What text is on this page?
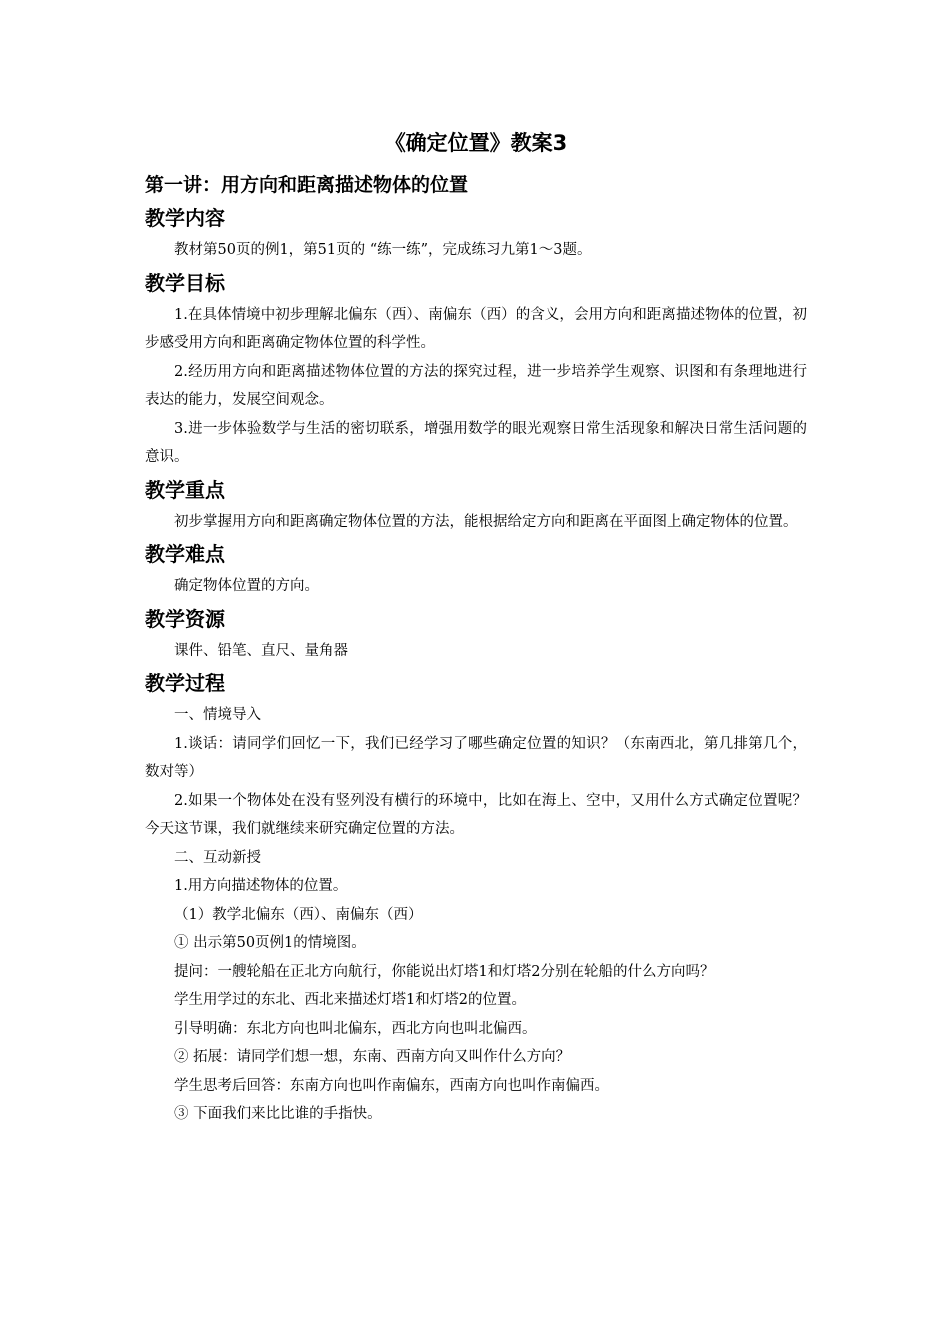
《确定位置》教案3
第一讲：用方向和距离描述物体的位置
教学内容

教材第50页的例1，第51页的 “练一练”，完成练习九第1～3题。

教学目标

1.在具体情境中初步理解北偏东（西）、南偏东（西）的含义，会用方向和距离描述物体的位置，初步感受用方向和距离确定物体位置的科学性。

2.经历用方向和距离描述物体位置的方法的探究过程，进一步培养学生观察、识图和有条理地进行表达的能力，发展空间观念。

3.进一步体验数学与生活的密切联系，增强用数学的眼光观察日常生活现象和解决日常生活问题的意识。

教学重点

初步掌握用方向和距离确定物体位置的方法，能根据给定方向和距离在平面图上确定物体的位置。

教学难点

确定物体位置的方向。

教学资源

课件、铅笔、直尺、量角器

教学过程

一、情境导入

1.谈话：请同学们回忆一下，我们已经学习了哪些确定位置的知识？（东南西北，第几排第几个，数对等）

2.如果一个物体处在没有竖列没有横行的环境中，比如在海上、空中，又用什么方式确定位置呢？今天这节课，我们就继续来研究确定位置的方法。

二、互动新授

1.用方向描述物体的位置。

（1）教学北偏东（西）、南偏东（西）

① 出示第50页例1的情境图。

提问：一艘轮船在正北方向航行，你能说出灯塔1和灯塔2分别在轮船的什么方向吗？

学生用学过的东北、西北来描述灯塔1和灯塔2的位置。

引导明确：东北方向也叫北偏东，西北方向也叫北偏西。

② 拓展：请同学们想一想，东南、西南方向又叫作什么方向？

学生思考后回答：东南方向也叫作南偏东，西南方向也叫作南偏西。

③ 下面我们来比比谁的手指快。
